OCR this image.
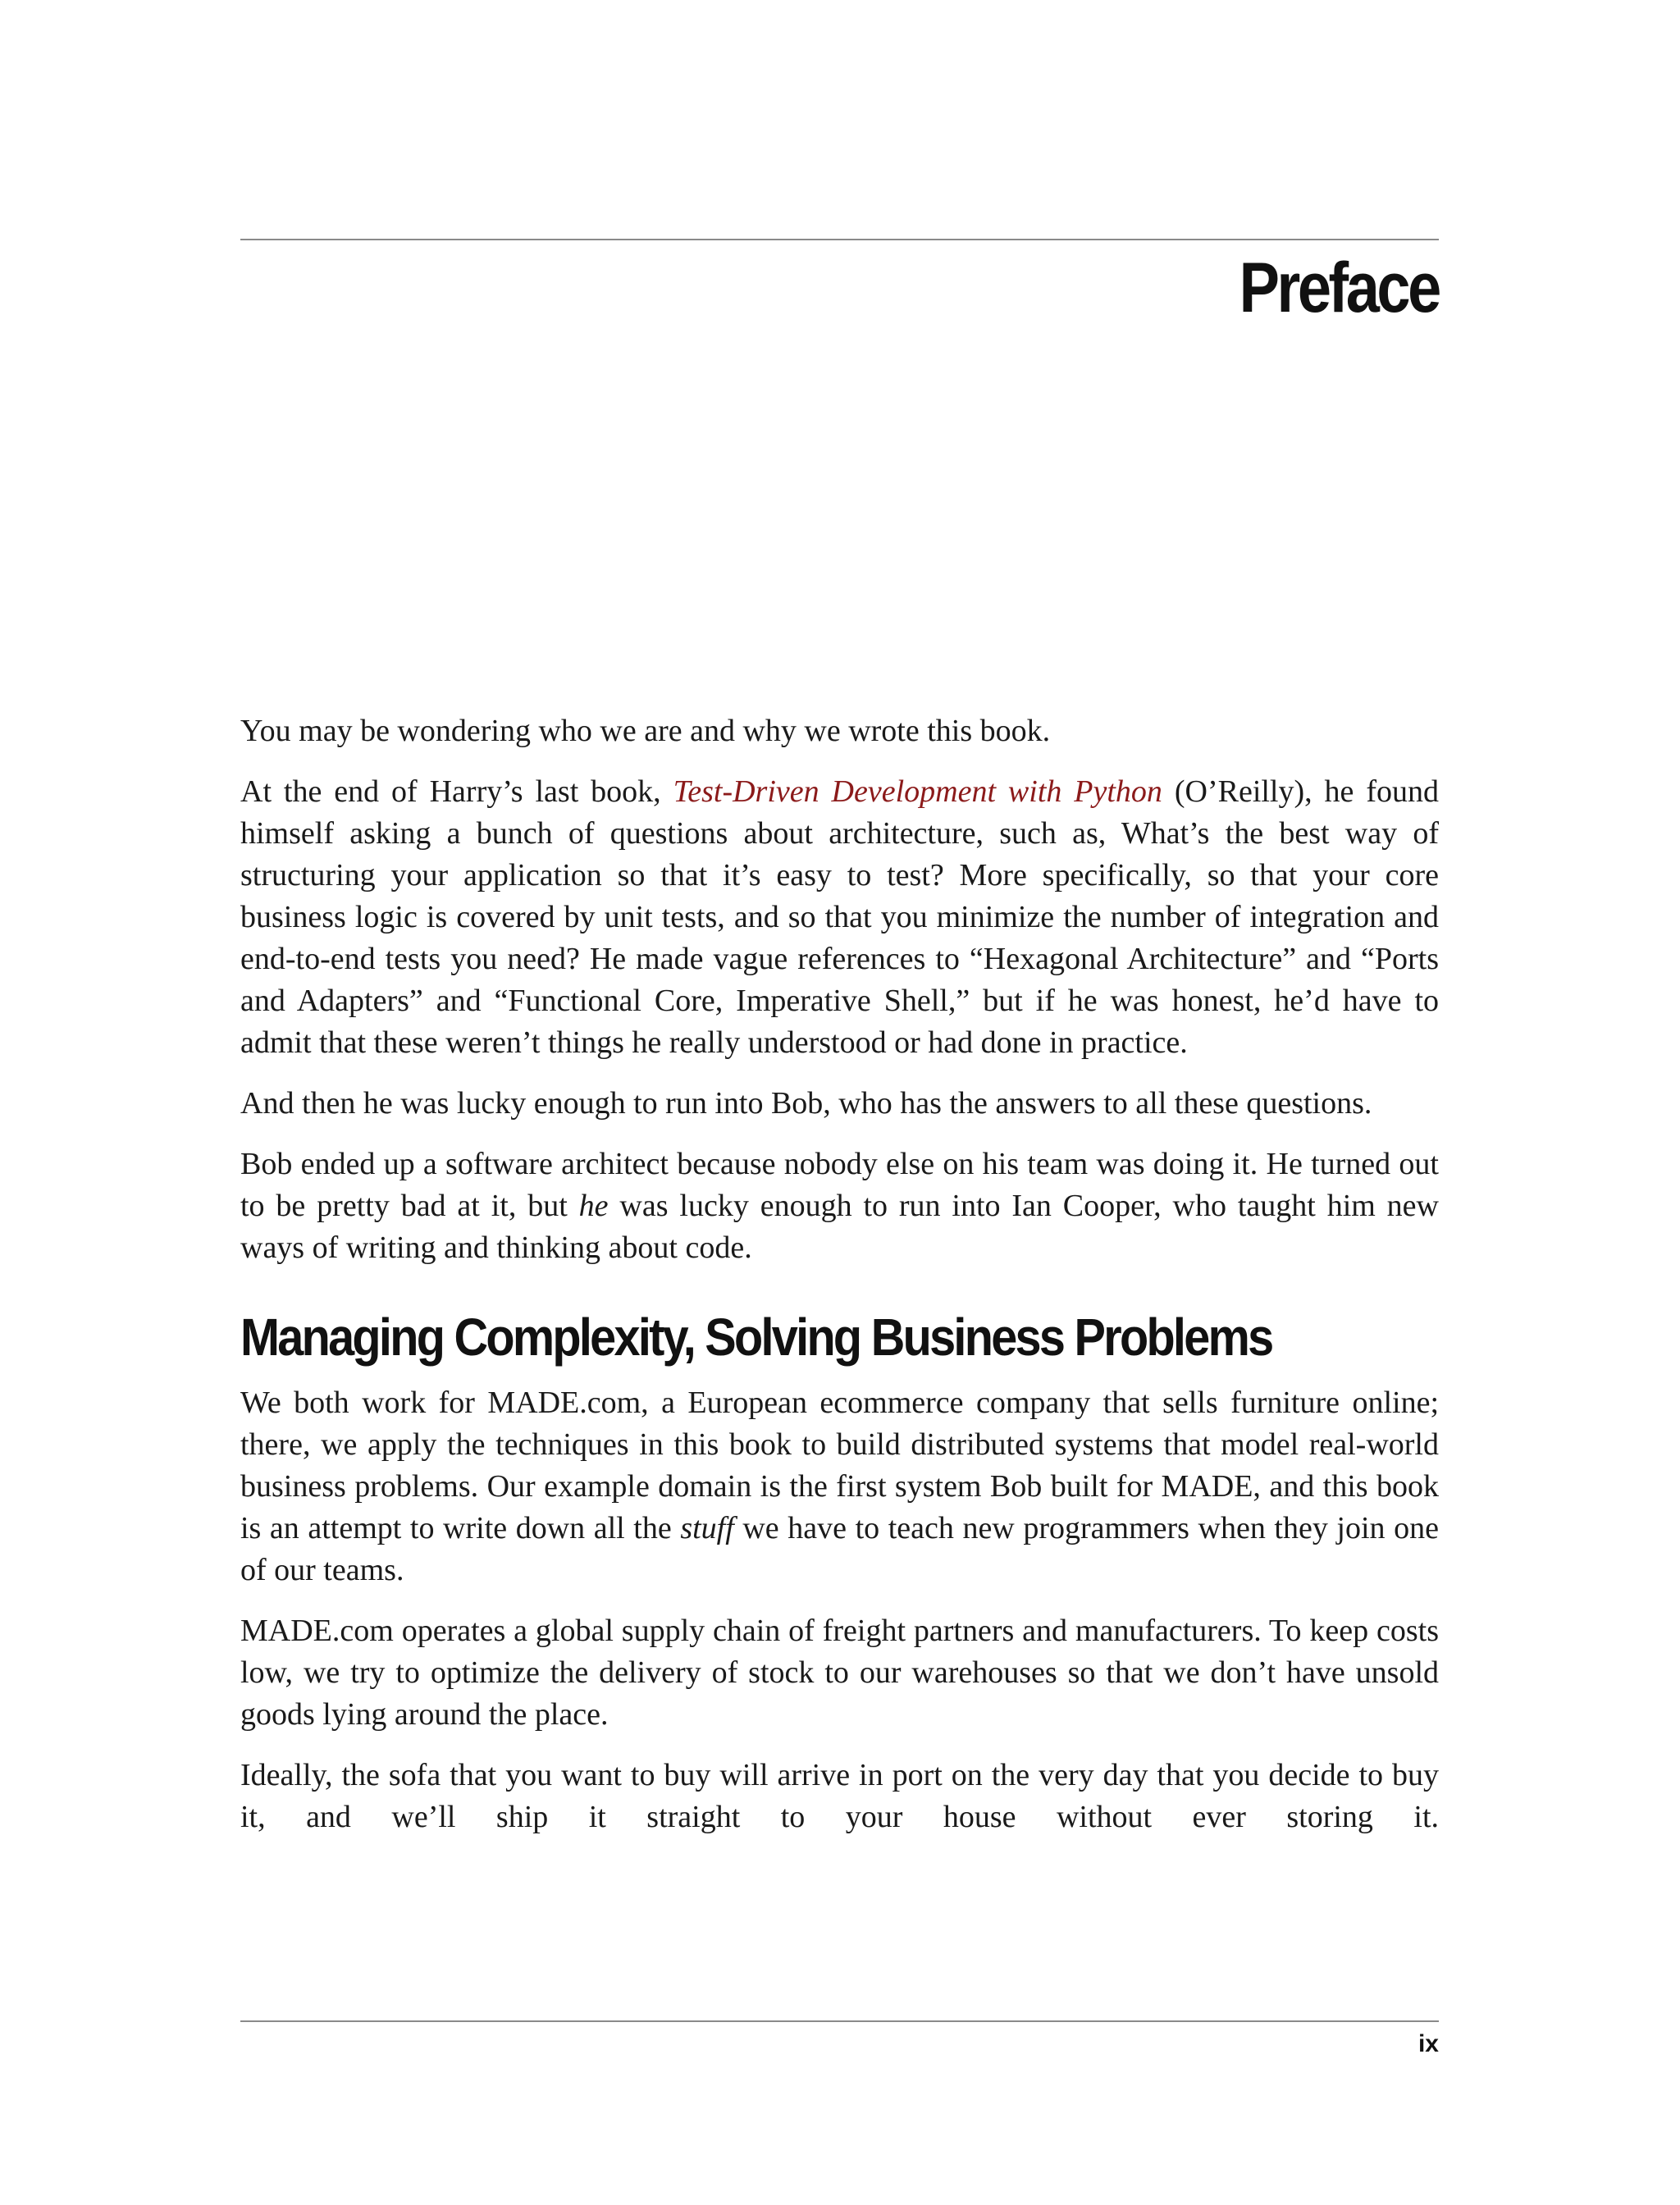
Preface

You may be wondering who we are and why we wrote this book.

At the end of Harry’s last book, Test-Driven Development with Python (O’Reilly), he found himself asking a bunch of questions about architecture, such as, What’s the best way of structuring your application so that it’s easy to test? More specifically, so that your core business logic is covered by unit tests, and so that you minimize the number of integration and end-to-end tests you need? He made vague references to “Hexagonal Architecture” and “Ports and Adapters” and “Functional Core, Imperative Shell,” but if he was honest, he’d have to admit that these weren’t things he really understood or had done in practice.

And then he was lucky enough to run into Bob, who has the answers to all these questions.

Bob ended up a software architect because nobody else on his team was doing it. He turned out to be pretty bad at it, but he was lucky enough to run into Ian Cooper, who taught him new ways of writing and thinking about code.

Managing Complexity, Solving Business Problems

We both work for MADE.com, a European ecommerce company that sells furniture online; there, we apply the techniques in this book to build distributed systems that model real-world business problems. Our example domain is the first system Bob built for MADE, and this book is an attempt to write down all the stuff we have to teach new programmers when they join one of our teams.

MADE.com operates a global supply chain of freight partners and manufacturers. To keep costs low, we try to optimize the delivery of stock to our warehouses so that we don’t have unsold goods lying around the place.

Ideally, the sofa that you want to buy will arrive in port on the very day that you decide to buy it, and we’ll ship it straight to your house without ever storing it.

ix
